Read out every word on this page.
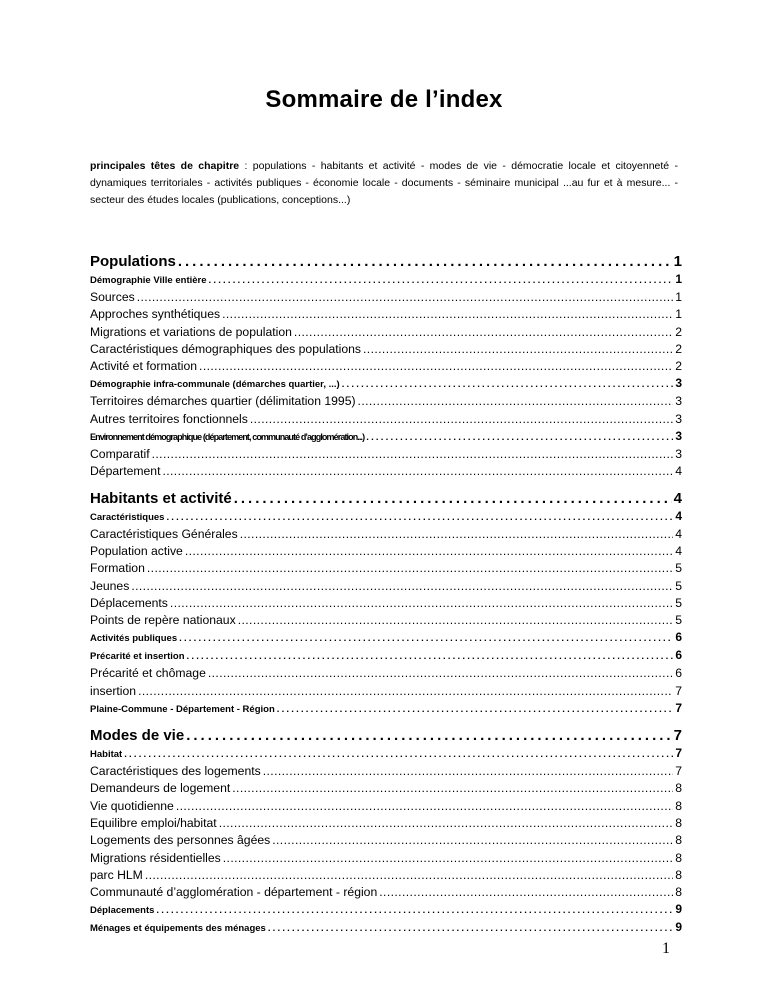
Sommaire de l’index
principales têtes de chapitre : populations - habitants et activité - modes de vie - démocratie locale et citoyenneté - dynamiques territoriales - activités publiques - économie locale - documents - séminaire municipal ...au fur et à mesure... - secteur des études locales (publications, conceptions...)
Populations .....	1
Démographie Ville entière .....	1
Sources .....	1
Approches synthétiques .....	1
Migrations et variations de population .....	2
Caractéristiques démographiques des populations .....	2
Activité et formation .....	2
Démographie infra-communale (démarches quartier, ...) .....	3
Territoires démarches quartier (délimitation 1995) .....	3
Autres territoires fonctionnels .....	3
Environnement démographique (département, communauté d’agglomération...) .....	3
Comparatif .....	3
Département .....	4
Habitants et activité .....	4
Caractéristiques .....	4
Caractéristiques Générales .....	4
Population active .....	4
Formation .....	5
Jeunes .....	5
Déplacements .....	5
Points de repère nationaux .....	5
Activités publiques .....	6
Précarité et insertion .....	6
Précarité et chômage .....	6
insertion .....	7
Plaine-Commune - Département - Région .....	7
Modes de vie .....	7
Habitat .....	7
Caractéristiques des logements .....	7
Demandeurs de logement .....	8
Vie quotidienne .....	8
Equilibre emploi/habitat .....	8
Logements des personnes âgées .....	8
Migrations résidentielles .....	8
parc HLM .....	8
Communauté d’agglomération - département - région .....	8
Déplacements .....	9
Ménages et équipements des ménages .....	9
1
